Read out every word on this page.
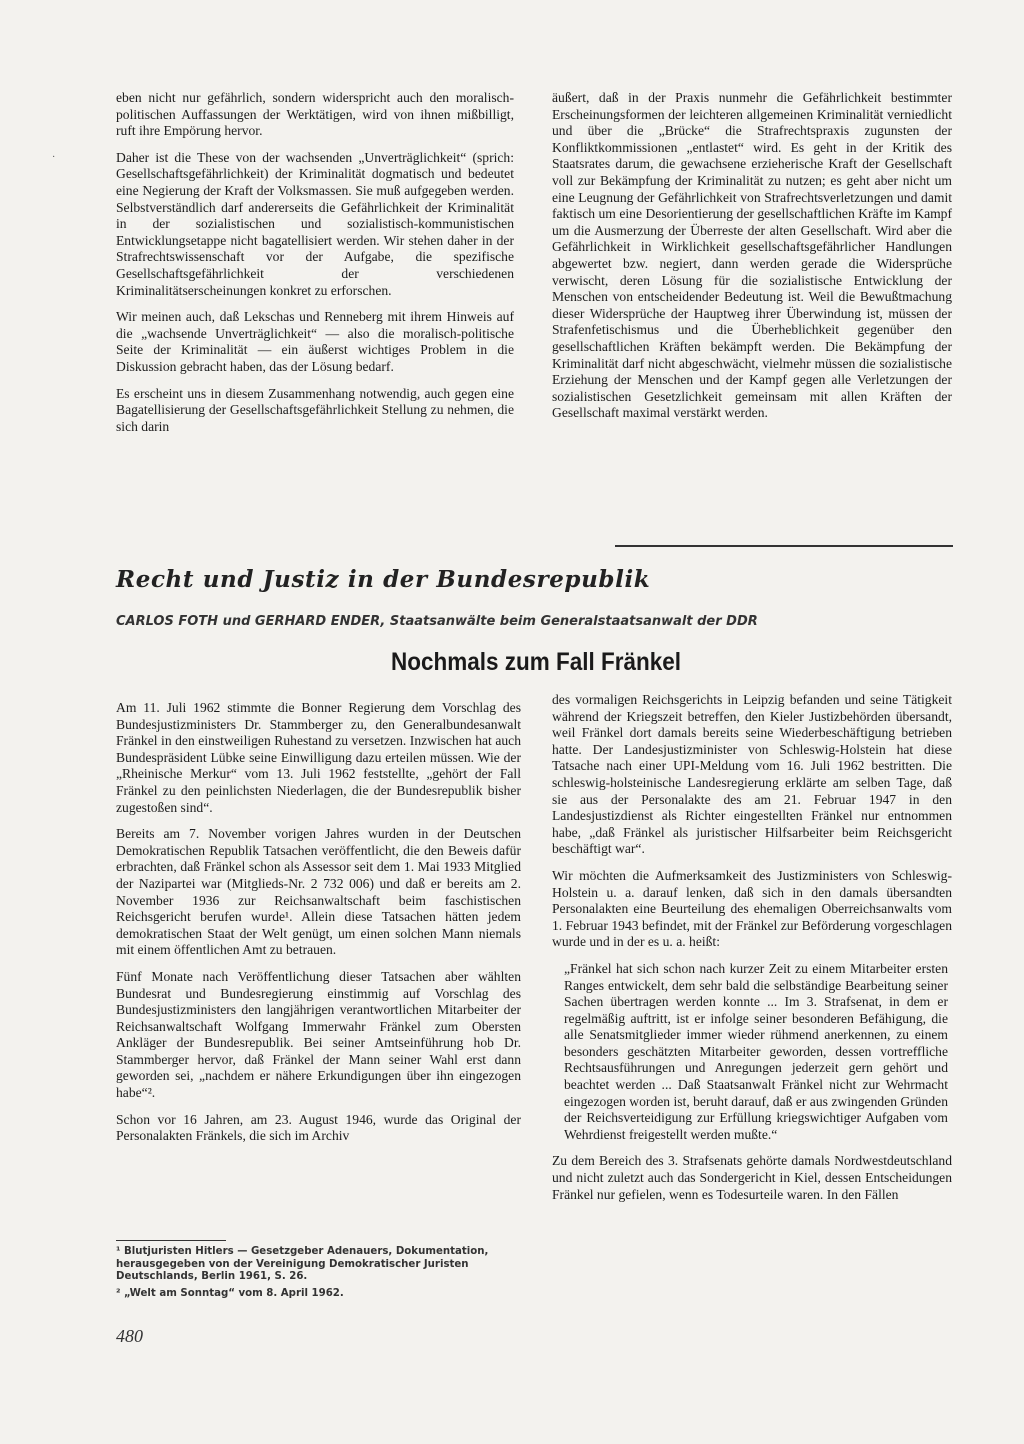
·

eben nicht nur gefährlich, sondern widerspricht auch den moralisch-politischen Auffassungen der Werktätigen, wird von ihnen mißbilligt, ruft ihre Empörung hervor.

Daher ist die These von der wachsenden „Unverträglichkeit“ (sprich: Gesellschaftsgefährlichkeit) der Kriminalität dogmatisch und bedeutet eine Negierung der Kraft der Volksmassen. Sie muß aufgegeben werden. Selbstverständlich darf andererseits die Gefährlichkeit der Kriminalität in der sozialistischen und sozialistisch-kommunistischen Entwicklungsetappe nicht bagatellisiert werden. Wir stehen daher in der Strafrechtswissenschaft vor der Aufgabe, die spezifische Gesellschaftsgefährlichkeit der verschiedenen Kriminalitätserscheinungen konkret zu erforschen.

Wir meinen auch, daß Lekschas und Renneberg mit ihrem Hinweis auf die „wachsende Unverträglichkeit“ — also die moralisch-politische Seite der Kriminalität — ein äußerst wichtiges Problem in die Diskussion gebracht haben, das der Lösung bedarf.

Es erscheint uns in diesem Zusammenhang notwendig, auch gegen eine Bagatellisierung der Gesellschaftsgefährlichkeit Stellung zu nehmen, die sich darin

äußert, daß in der Praxis nunmehr die Gefährlichkeit bestimmter Erscheinungsformen der leichteren allgemeinen Kriminalität verniedlicht und über die „Brücke“ die Strafrechtspraxis zugunsten der Konfliktkommissionen „entlastet“ wird. Es geht in der Kritik des Staatsrates darum, die gewachsene erzieherische Kraft der Gesellschaft voll zur Bekämpfung der Kriminalität zu nutzen; es geht aber nicht um eine Leugnung der Gefährlichkeit von Strafrechtsverletzungen und damit faktisch um eine Desorientierung der gesellschaftlichen Kräfte im Kampf um die Ausmerzung der Überreste der alten Gesellschaft. Wird aber die Gefährlichkeit in Wirklichkeit gesellschaftsgefährlicher Handlungen abgewertet bzw. negiert, dann werden gerade die Widersprüche verwischt, deren Lösung für die sozialistische Entwicklung der Menschen von entscheidender Bedeutung ist. Weil die Bewußtmachung dieser Widersprüche der Hauptweg ihrer Überwindung ist, müssen der Strafenfetischismus und die Überheblichkeit gegenüber den gesellschaftlichen Kräften bekämpft werden. Die Bekämpfung der Kriminalität darf nicht abgeschwächt, vielmehr müssen die sozialistische Erziehung der Menschen und der Kampf gegen alle Verletzungen der sozialistischen Gesetzlichkeit gemeinsam mit allen Kräften der Gesellschaft maximal verstärkt werden.

Recht und Justiz in der Bundesrepublik
CARLOS FOTH und GERHARD ENDER, Staatsanwälte beim Generalstaatsanwalt der DDR
Nochmals zum Fall Fränkel

Am 11. Juli 1962 stimmte die Bonner Regierung dem Vorschlag des Bundesjustizministers Dr. Stammberger zu, den Generalbundesanwalt Fränkel in den einstweiligen Ruhestand zu versetzen. Inzwischen hat auch Bundespräsident Lübke seine Einwilligung dazu erteilen müssen. Wie der „Rheinische Merkur“ vom 13. Juli 1962 feststellte, „gehört der Fall Fränkel zu den peinlichsten Niederlagen, die der Bundesrepublik bisher zugestoßen sind“.

Bereits am 7. November vorigen Jahres wurden in der Deutschen Demokratischen Republik Tatsachen veröffentlicht, die den Beweis dafür erbrachten, daß Fränkel schon als Assessor seit dem 1. Mai 1933 Mitglied der Nazipartei war (Mitglieds-Nr. 2 732 006) und daß er bereits am 2. November 1936 zur Reichsanwaltschaft beim faschistischen Reichsgericht berufen wurde¹. Allein diese Tatsachen hätten jedem demokratischen Staat der Welt genügt, um einen solchen Mann niemals mit einem öffentlichen Amt zu betrauen.

Fünf Monate nach Veröffentlichung dieser Tatsachen aber wählten Bundesrat und Bundesregierung einstimmig auf Vorschlag des Bundesjustizministers den langjährigen verantwortlichen Mitarbeiter der Reichsanwaltschaft Wolfgang Immerwahr Fränkel zum Obersten Ankläger der Bundesrepublik. Bei seiner Amtseinführung hob Dr. Stammberger hervor, daß Fränkel der Mann seiner Wahl erst dann geworden sei, „nachdem er nähere Erkundigungen über ihn eingezogen habe“².

Schon vor 16 Jahren, am 23. August 1946, wurde das Original der Personalakten Fränkels, die sich im Archiv

¹ Blutjuristen Hitlers — Gesetzgeber Adenauers, Dokumentation, herausgegeben von der Vereinigung Demokratischer Juristen Deutschlands, Berlin 1961, S. 26.

² „Welt am Sonntag“ vom 8. April 1962.

480

des vormaligen Reichsgerichts in Leipzig befanden und seine Tätigkeit während der Kriegszeit betreffen, den Kieler Justizbehörden übersandt, weil Fränkel dort damals bereits seine Wiederbeschäftigung betrieben hatte. Der Landesjustizminister von Schleswig-Holstein hat diese Tatsache nach einer UPI-Meldung vom 16. Juli 1962 bestritten. Die schleswig-holsteinische Landesregierung erklärte am selben Tage, daß sie aus der Personalakte des am 21. Februar 1947 in den Landesjustizdienst als Richter eingestellten Fränkel nur entnommen habe, „daß Fränkel als juristischer Hilfsarbeiter beim Reichsgericht beschäftigt war“.

Wir möchten die Aufmerksamkeit des Justizministers von Schleswig-Holstein u. a. darauf lenken, daß sich in den damals übersandten Personalakten eine Beurteilung des ehemaligen Oberreichsanwalts vom 1. Februar 1943 befindet, mit der Fränkel zur Beförderung vorgeschlagen wurde und in der es u. a. heißt:

„Fränkel hat sich schon nach kurzer Zeit zu einem Mitarbeiter ersten Ranges entwickelt, dem sehr bald die selbständige Bearbeitung seiner Sachen übertragen werden konnte ... Im 3. Strafsenat, in dem er regelmäßig auftritt, ist er infolge seiner besonderen Befähigung, die alle Senatsmitglieder immer wieder rühmend anerkennen, zu einem besonders geschätzten Mitarbeiter geworden, dessen vortreffliche Rechtsausführungen und Anregungen jederzeit gern gehört und beachtet werden ... Daß Staatsanwalt Fränkel nicht zur Wehrmacht eingezogen worden ist, beruht darauf, daß er aus zwingenden Gründen der Reichsverteidigung zur Erfüllung kriegswichtiger Aufgaben vom Wehrdienst freigestellt werden mußte.“

Zu dem Bereich des 3. Strafsenats gehörte damals Nordwestdeutschland und nicht zuletzt auch das Sondergericht in Kiel, dessen Entscheidungen Fränkel nur gefielen, wenn es Todesurteile waren. In den Fällen
